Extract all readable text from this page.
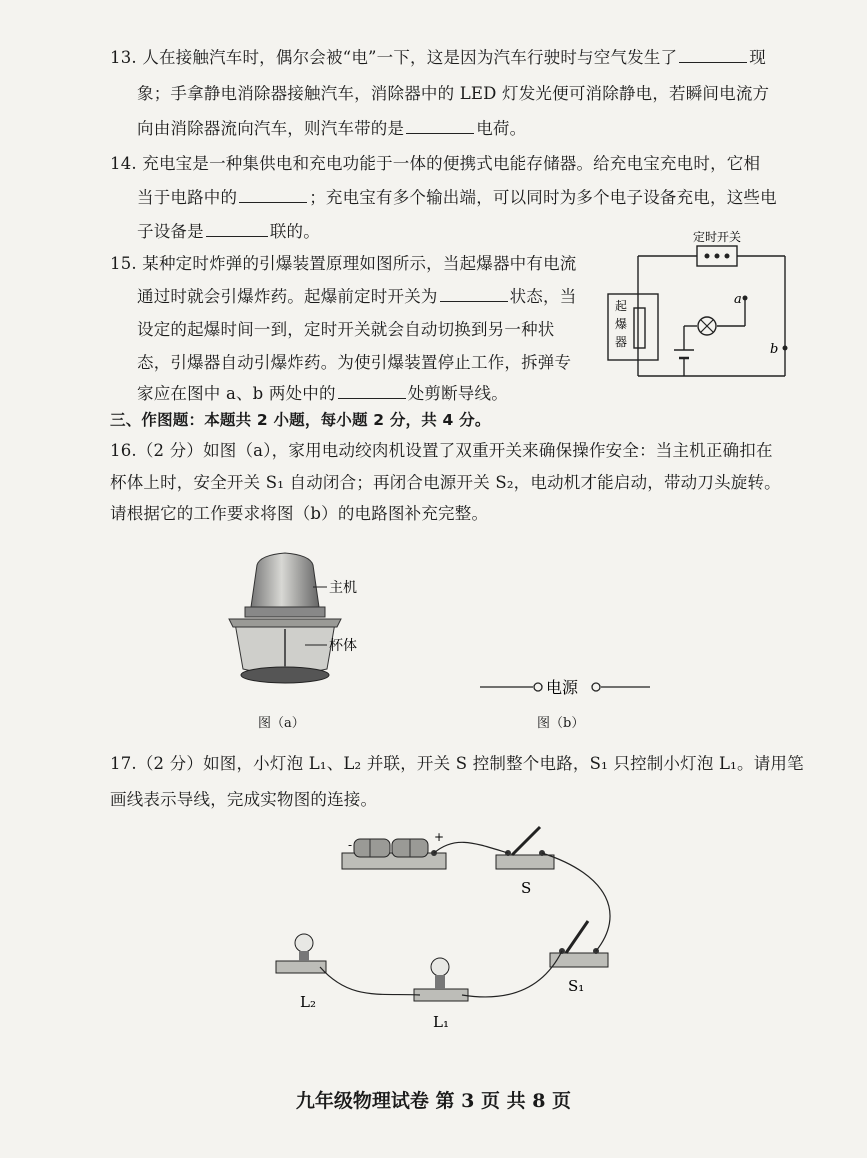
13. 人在接触汽车时，偶尔会被“电”一下，这是因为汽车行驶时与空气发生了	现
象；手拿静电消除器接触汽车，消除器中的 LED 灯发光便可消除静电，若瞬间电流方
向由消除器流向汽车，则汽车带的是	电荷。
14. 充电宝是一种集供电和充电功能于一体的便携式电能存储器。给充电宝充电时，它相
当于电路中的	；充电宝有多个输出端，可以同时为多个电子设备充电，这些电
子设备是	联的。
15. 某种定时炸弹的引爆装置原理如图所示，当起爆器中有电流
通过时就会引爆炸药。起爆前定时开关为	状态，当
设定的起爆时间一到，定时开关就会自动切换到另一种状
态，引爆器自动引爆炸药。为使引爆装置停止工作，拆弹专
家应在图中 a、b 两处中的	处剪断导线。
定时开关
a
b
起
爆
器
三、作图题：本题共 2 小题，每小题 2 分，共 4 分。
16.（2 分）如图（a），家用电动绞肉机设置了双重开关来确保操作安全：当主机正确扣在
杯体上时，安全开关 S₁ 自动闭合；再闭合电源开关 S₂，电动机才能启动，带动刀头旋转。
请根据它的工作要求将图（b）的电路图补充完整。
主机
杯体
图（a）
电源
图（b）
17.（2 分）如图，小灯泡 L₁、L₂ 并联，开关 S 控制整个电路，S₁ 只控制小灯泡 L₁。请用笔
画线表示导线，完成实物图的连接。
-
+
S
S₁
L₂
L₁
九年级物理试卷 第 3 页 共 8 页
